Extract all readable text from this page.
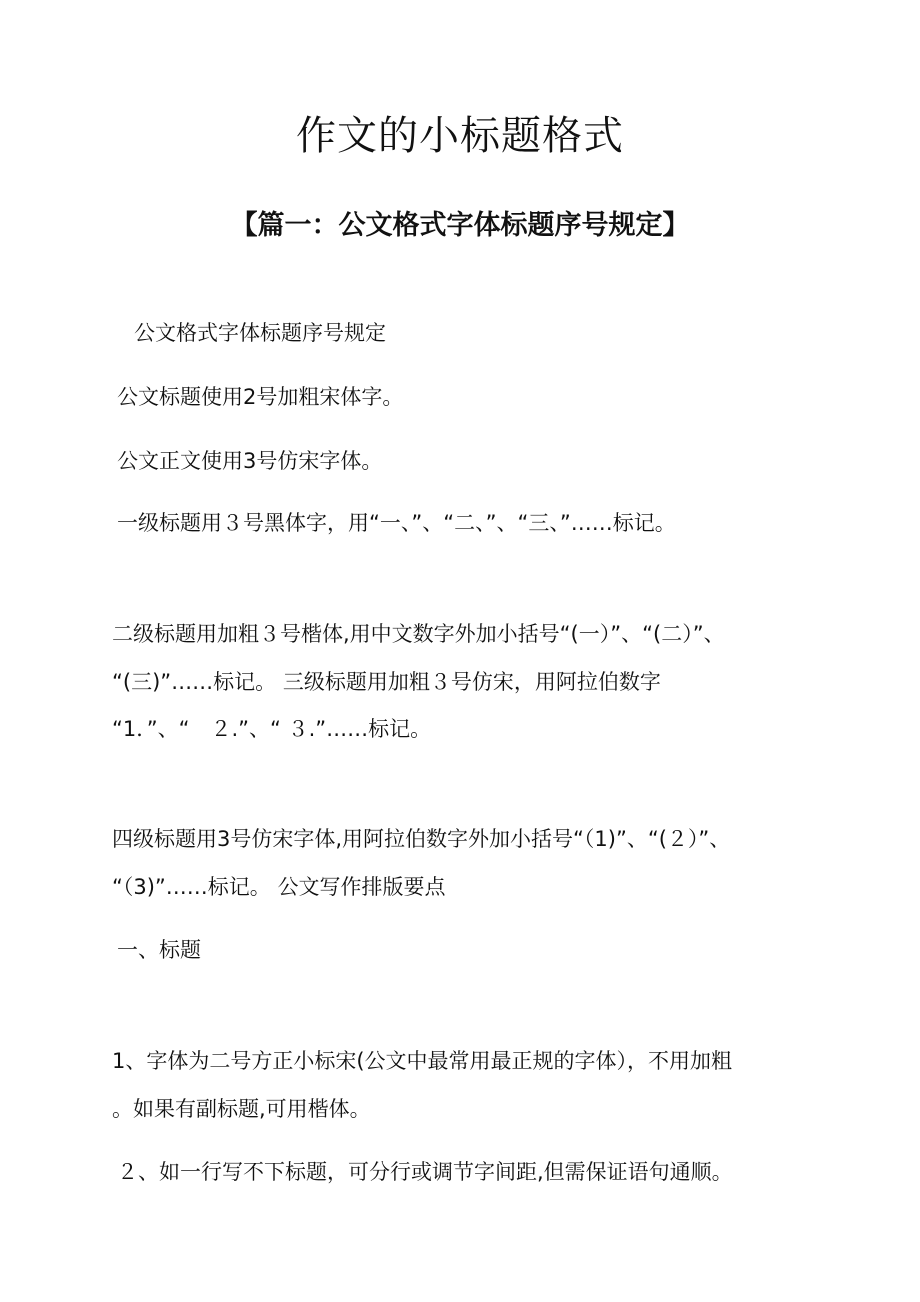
作文的小标题格式
【篇一：公文格式字体标题序号规定】

公文格式字体标题序号规定

公文标题使用2号加粗宋体字。

公文正文使用3号仿宋字体。

一级标题用３号黑体字，用“一、”、“二、”、“三、”……标记。

二级标题用加粗３号楷体,用中文数字外加小括号“(一）”、“(二）”、

“(三)”……标记。 三级标题用加粗３号仿宋，用阿拉伯数字

“1．”、“　２.”、“ ３.”……标记。

四级标题用3号仿宋字体,用阿拉伯数字外加小括号“（1)”、“(２）”、

“（3)”……标记。 公文写作排版要点

一、标题

1、字体为二号方正小标宋(公文中最常用最正规的字体），不用加粗

。如果有副标题,可用楷体。

２、如一行写不下标题，可分行或调节字间距,但需保证语句通顺。
